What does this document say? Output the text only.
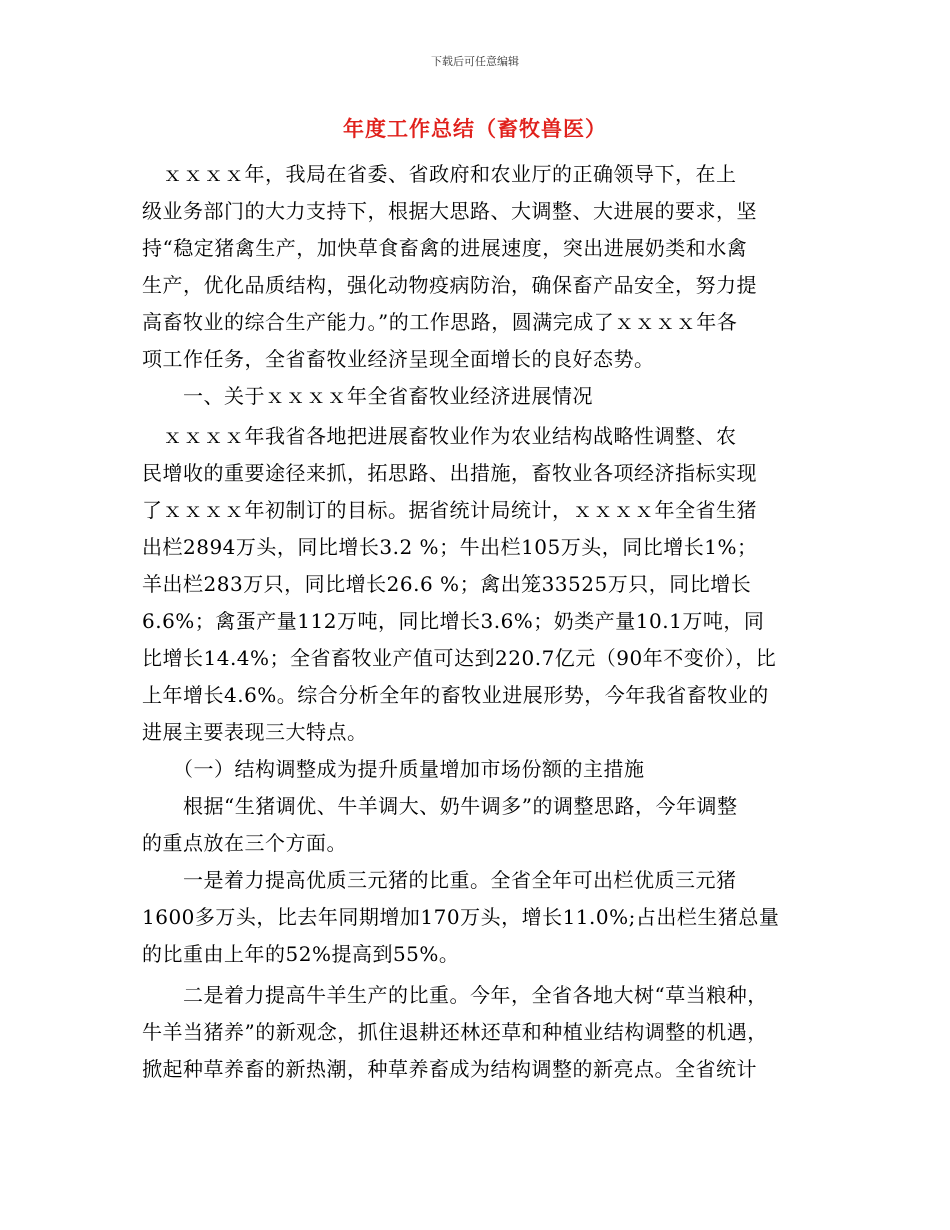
下载后可任意编辑
年度工作总结（畜牧兽医）
　ｘｘｘｘ年，我局在省委、省政府和农业厅的正确领导下，在上
级业务部门的大力支持下，根据大思路、大调整、大进展的要求，坚
持“稳定猪禽生产，加快草食畜禽的进展速度，突出进展奶类和水禽
生产，优化品质结构，强化动物疫病防治，确保畜产品安全，努力提
高畜牧业的综合生产能力。”的工作思路，圆满完成了ｘｘｘｘ年各
项工作任务，全省畜牧业经济呈现全面增长的良好态势。
　　一、关于ｘｘｘｘ年全省畜牧业经济进展情况
　ｘｘｘｘ年我省各地把进展畜牧业作为农业结构战略性调整、农
民增收的重要途径来抓，拓思路、出措施，畜牧业各项经济指标实现
了ｘｘｘｘ年初制订的目标。据省统计局统计，ｘｘｘｘ年全省生猪
出栏2894万头，同比增长3.2 %；牛出栏105万头，同比增长1%；
羊出栏283万只，同比增长26.6 %；禽出笼33525万只，同比增长
6.6%；禽蛋产量112万吨，同比增长3.6%；奶类产量10.1万吨，同
比增长14.4%；全省畜牧业产值可达到220.7亿元（90年不变价），比
上年增长4.6%。综合分析全年的畜牧业进展形势，今年我省畜牧业的
进展主要表现三大特点。
　　（一）结构调整成为提升质量增加市场份额的主措施
　　根据“生猪调优、牛羊调大、奶牛调多”的调整思路，今年调整
的重点放在三个方面。
　　一是着力提高优质三元猪的比重。全省全年可出栏优质三元猪
1600多万头，比去年同期增加170万头，增长11.0%;占出栏生猪总量
的比重由上年的52%提高到55%。
　　二是着力提高牛羊生产的比重。今年，全省各地大树“草当粮种，
牛羊当猪养”的新观念，抓住退耕还林还草和种植业结构调整的机遇，
掀起种草养畜的新热潮，种草养畜成为结构调整的新亮点。全省统计
